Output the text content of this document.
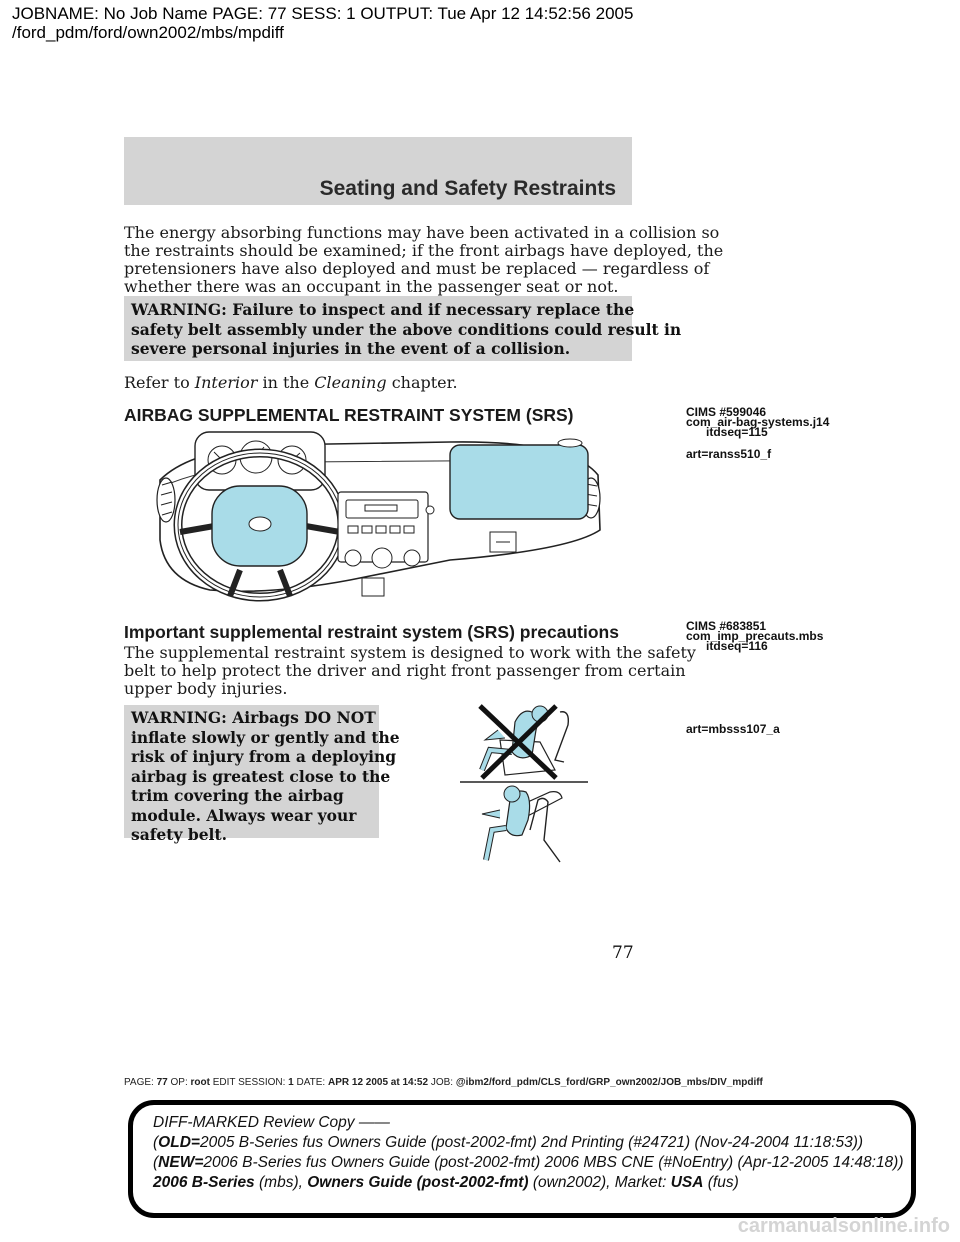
JOBNAME: No Job Name PAGE: 77 SESS: 1 OUTPUT: Tue Apr 12 14:52:56 2005
/ford_pdm/ford/own2002/mbs/mpdiff
Seating and Safety Restraints
The energy absorbing functions may have been activated in a collision so
the restraints should be examined; if the front airbags have deployed, the
pretensioners have also deployed and must be replaced — regardless of
whether there was an occupant in the passenger seat or not.
WARNING: Failure to inspect and if necessary replace the
safety belt assembly under the above conditions could result in
severe personal injuries in the event of a collision.
Refer to Interior in the Cleaning chapter.
AIRBAG SUPPLEMENTAL RESTRAINT SYSTEM (SRS)	CIMS #599046
com_air-bag-systems.j14
itdseq=115
art=ranss510_f
Important supplemental restraint system (SRS) precautions	CIMS #683851
com_imp_precauts.mbs
itdseq=116
The supplemental restraint system is designed to work with the safety
belt to help protect the driver and right front passenger from certain
upper body injuries.
WARNING: Airbags DO NOT
inflate slowly or gently and the
risk of injury from a deploying
airbag is greatest close to the
trim covering the airbag
module. Always wear your
safety belt.
art=mbsss107_a
77
PAGE: 77 OP: root EDIT SESSION: 1 DATE: APR 12 2005 at 14:52 JOB: @ibm2/ford_pdm/CLS_ford/GRP_own2002/JOB_mbs/DIV_mpdiff
DIFF-MARKED Review Copy ——
(OLD=2005 B-Series fus Owners Guide (post-2002-fmt) 2nd Printing (#24721) (Nov-24-2004 11:18:53))
(NEW=2006 B-Series fus Owners Guide (post-2002-fmt) 2006 MBS CNE (#NoEntry) (Apr-12-2005 14:48:18))
2006 B-Series (mbs), Owners Guide (post-2002-fmt) (own2002), Market: USA (fus)
carmanualsonline.info
